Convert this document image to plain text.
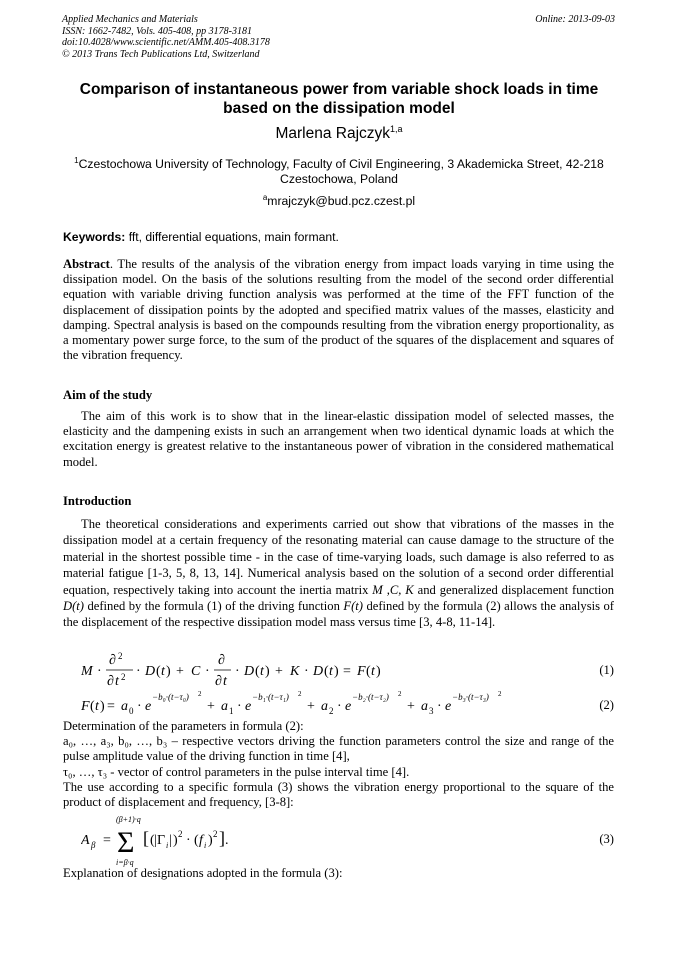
Applied Mechanics and Materials
ISSN: 1662-7482, Vols. 405-408, pp 3178-3181
doi:10.4028/www.scientific.net/AMM.405-408.3178
© 2013 Trans Tech Publications Ltd, Switzerland
Online: 2013-09-03
Comparison of instantaneous power from variable shock loads in time based on the dissipation model
Marlena Rajczyk$^{1,a}$
$^1$Czestochowa University of Technology, Faculty of Civil Engineering, 3 Akademicka Street, 42-218
Czestochowa, Poland
$^a$mrajczyk@bud.pcz.czest.pl
Keywords: fft, differential equations, main formant.
Abstract. The results of the analysis of the vibration energy from impact loads varying in time using the dissipation model. On the basis of the solutions resulting from the model of the second order differential equation with variable driving function analysis was performed at the time of the FFT function of the displacement of dissipation points by the adopted and specified matrix values of the masses, elasticity and damping. Spectral analysis is based on the compounds resulting from the vibration energy proportionality, as a momentary power surge force, to the sum of the product of the squares of the displacement and squares of the vibration frequency.
Aim of the study
The aim of this work is to show that in the linear-elastic dissipation model of selected masses, the elasticity and the dampening exists in such an arrangement when two identical dynamic loads at which the excitation energy is greatest relative to the instantaneous power of vibration in the considered mathematical model.
Introduction
The theoretical considerations and experiments carried out show that vibrations of the masses in the dissipation model at a certain frequency of the resonating material can cause damage to the structure of the material in the shortest possible time - in the case of time-varying loads, such damage is also referred to as material fatigue [1-3, 5, 8, 13, 14]. Numerical analysis based on the solution of a second order differential equation, respectively taking into account the inertia matrix M ,C, K and generalized displacement function D(t) defined by the formula (1) of the driving function F(t) defined by the formula (2) allows the analysis of the displacement of the respective dissipation model mass versus time [3, 4-8, 11-14].
M ·
∂ 2
∂ t 2 · D ( t ) + C ·
∂
∂ t
· D ( t ) + K · D ( t ) = F ( t )	(1)
F ( t ) = a 0 · e
−b₀·(t−τ₀) 2
+ a 1 · e
−b₁·(t−τ₁) 2
+ a 2 · e
−b₂·(t−τ₂) 2
+ a 3 · e
−b₃·(t−τ₃) 2
(2)
Determination of the parameters in formula (2):
a₀, …, a₃, b₀, …, b₃ – respective vectors driving the function parameters control the size and range of the pulse amplitude value of the driving function in time [4],
τ₀, …, τ₃ - vector of control parameters in the pulse interval time [4].
The use according to a specific formula (3) shows the vibration energy proportional to the square of the product of displacement and frequency, [3-8]:
A β =
(β+1)·q
Σ
i=β·q
[ ( | Γ i | ) 2 · ( f i ) 2 ] .	(3)
Explanation of designations adopted in the formula (3):
